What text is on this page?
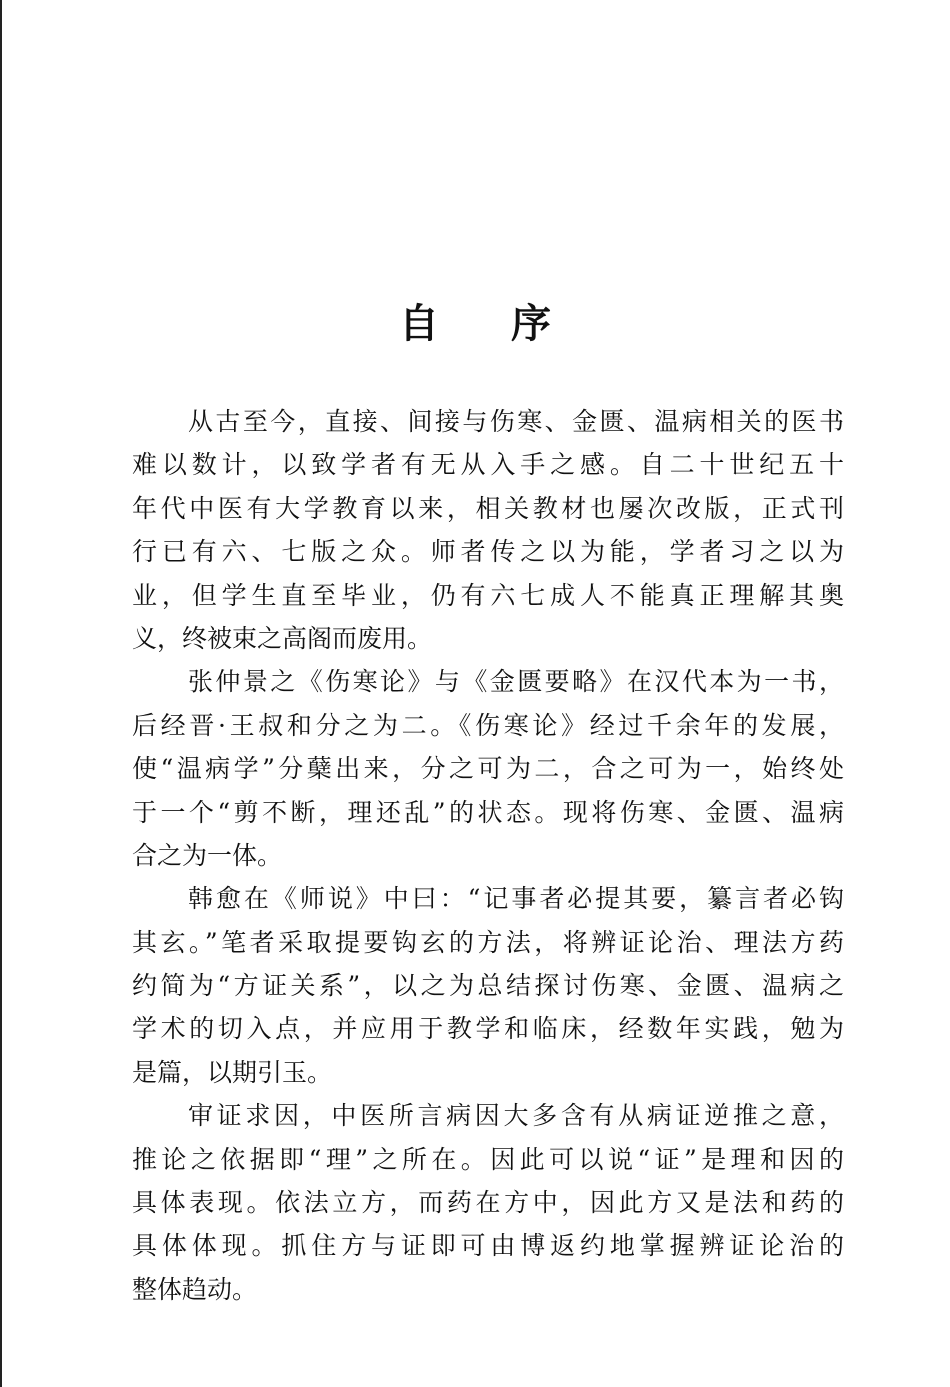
自 序
从古至今，直接、间接与伤寒、金匮、温病相关的医书
难以数计，以致学者有无从入手之感。自二十世纪五十
年代中医有大学教育以来，相关教材也屡次改版，正式刊
行已有六、七版之众。师者传之以为能，学者习之以为
业，但学生直至毕业，仍有六七成人不能真正理解其奥
义，终被束之高阁而废用。
张仲景之《伤寒论》与《金匮要略》在汉代本为一书，
后经晋·王叔和分之为二。《伤寒论》经过千余年的发展，
使“温病学”分蘖出来，分之可为二，合之可为一，始终处
于一个“剪不断，理还乱”的状态。现将伤寒、金匮、温病
合之为一体。
韩愈在《师说》中曰：“记事者必提其要，纂言者必钩
其玄。”笔者采取提要钩玄的方法，将辨证论治、理法方药
约简为“方证关系”，以之为总结探讨伤寒、金匮、温病之
学术的切入点，并应用于教学和临床，经数年实践，勉为
是篇，以期引玉。
审证求因，中医所言病因大多含有从病证逆推之意，
推论之依据即“理”之所在。因此可以说“证”是理和因的
具体表现。依法立方，而药在方中，因此方又是法和药的
具体体现。抓住方与证即可由博返约地掌握辨证论治的
整体趋动。
